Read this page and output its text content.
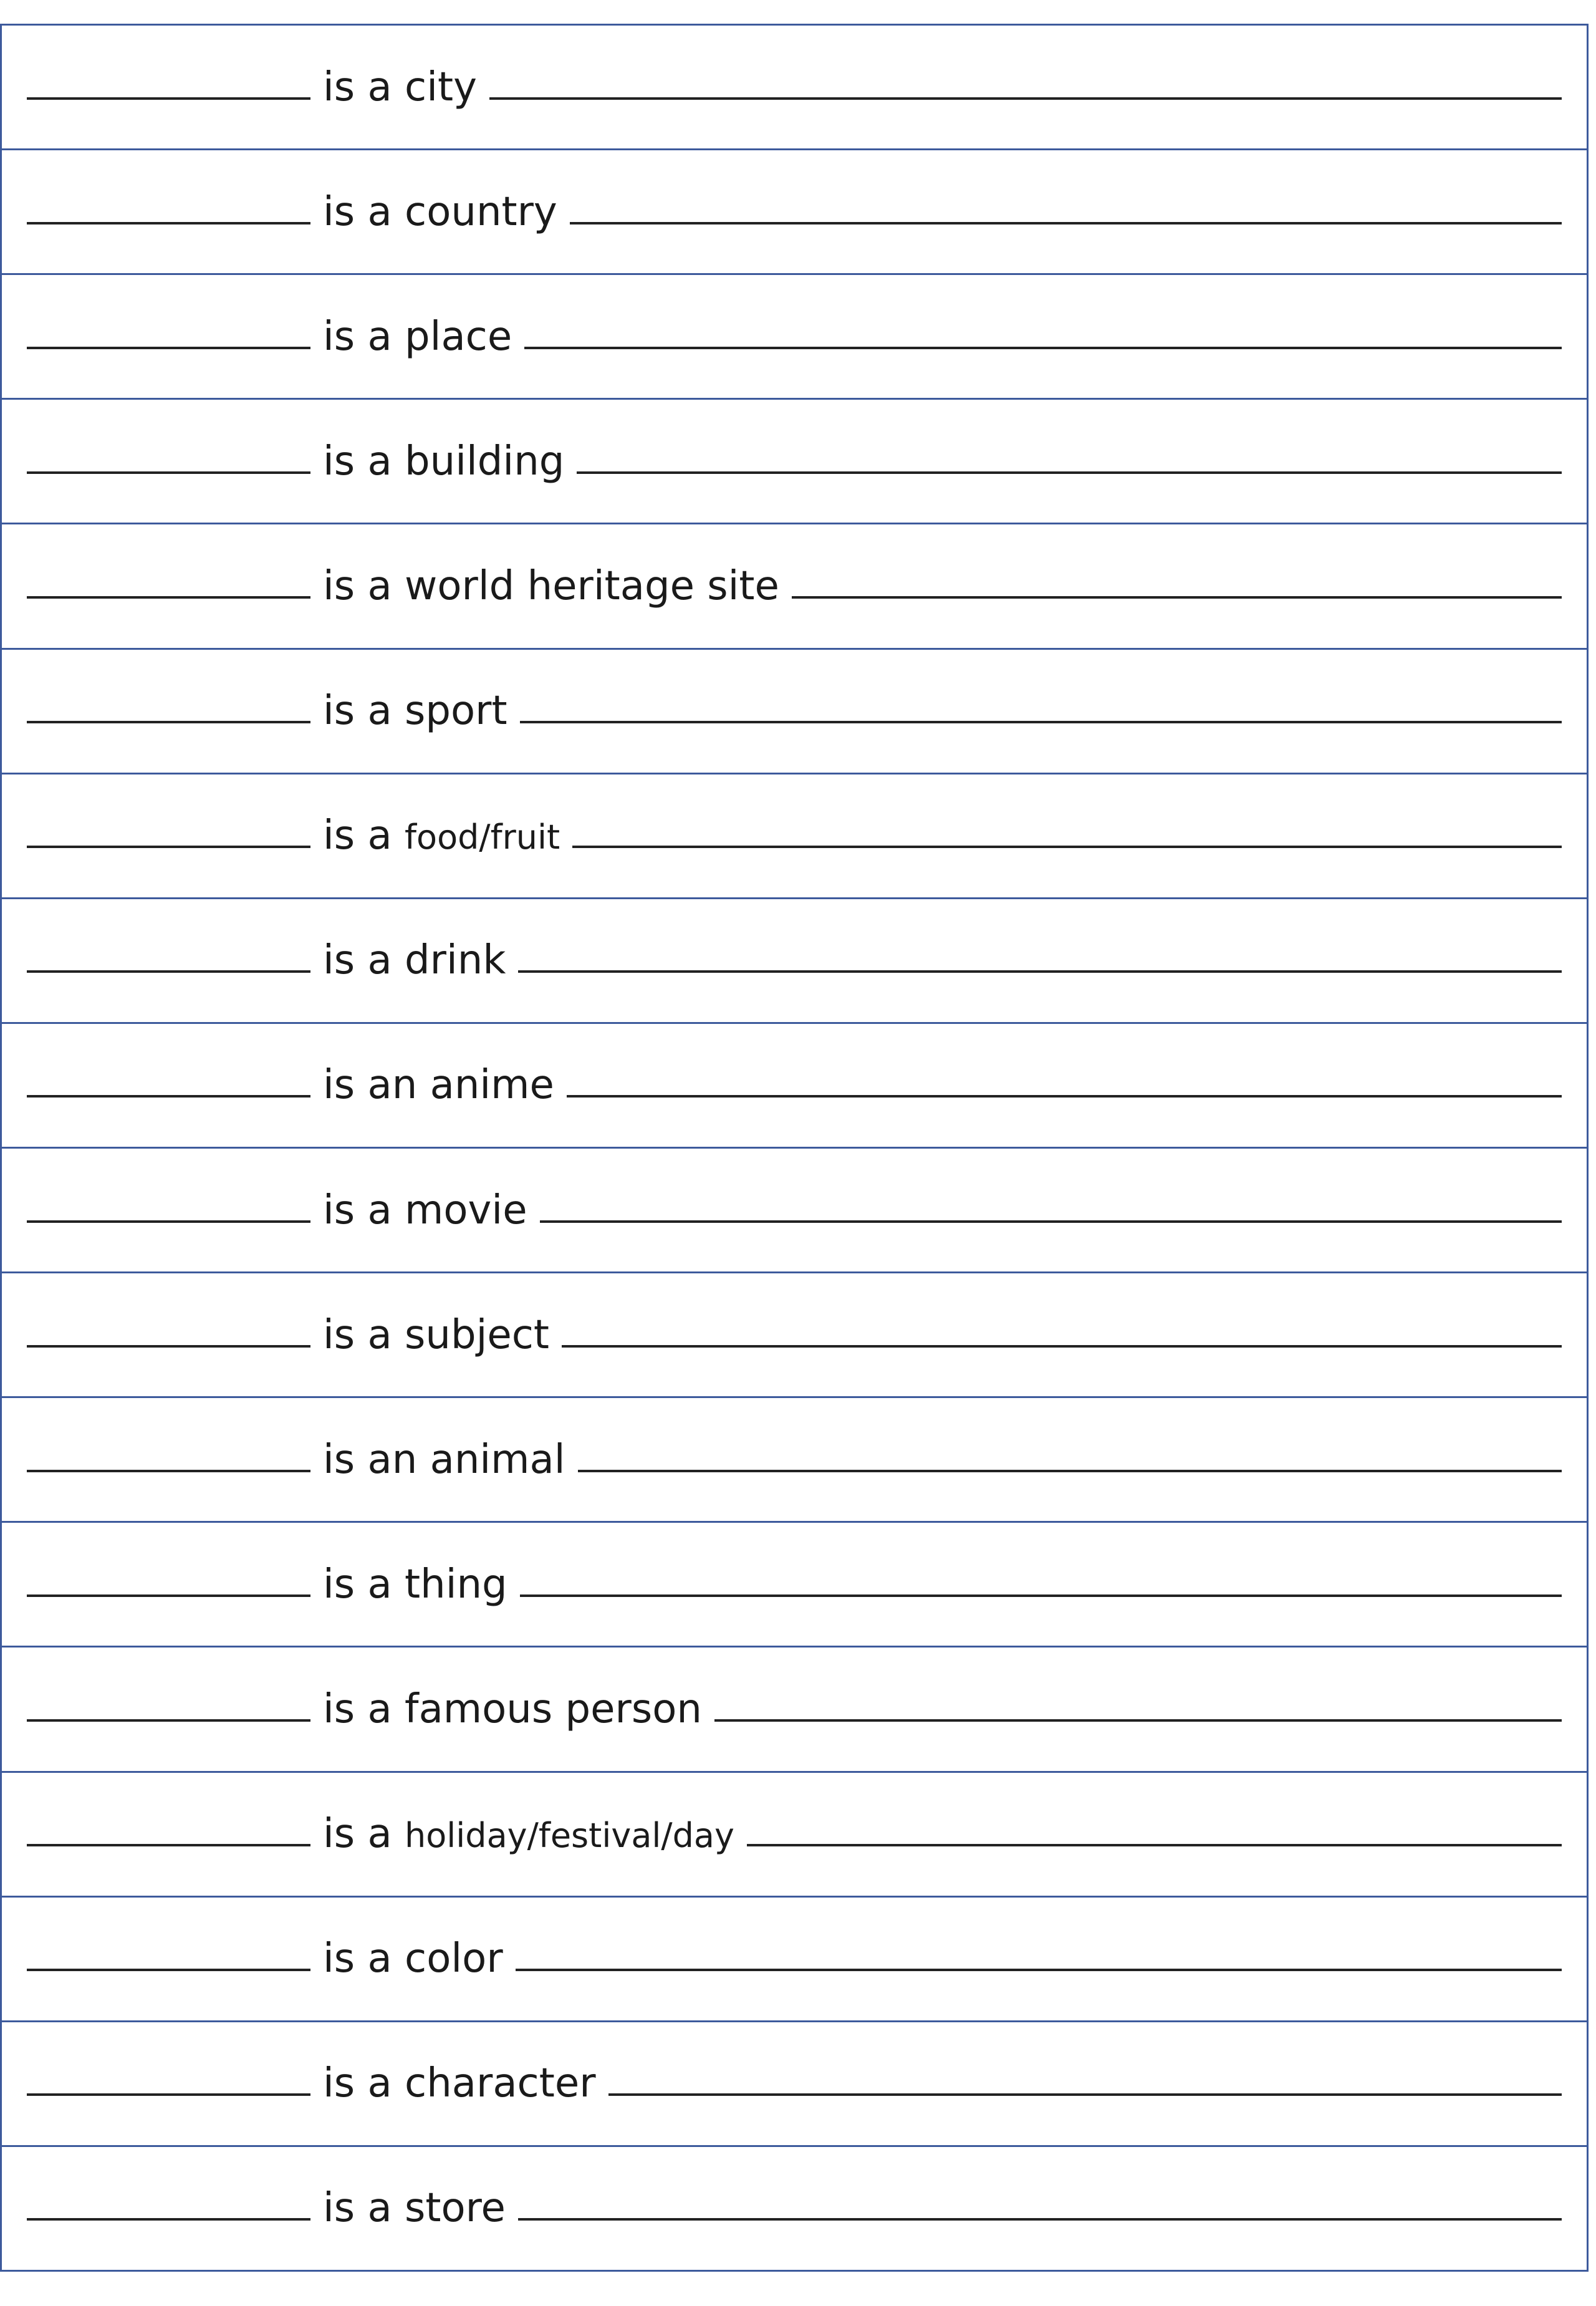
is a city
is a country
is a place
is a building
is a world heritage site
is a sport
is a food/fruit
is a drink
is an anime
is a movie
is a subject
is an animal
is a thing
is a famous person
is a holiday/festival/day
is a color
is a character
is a store
